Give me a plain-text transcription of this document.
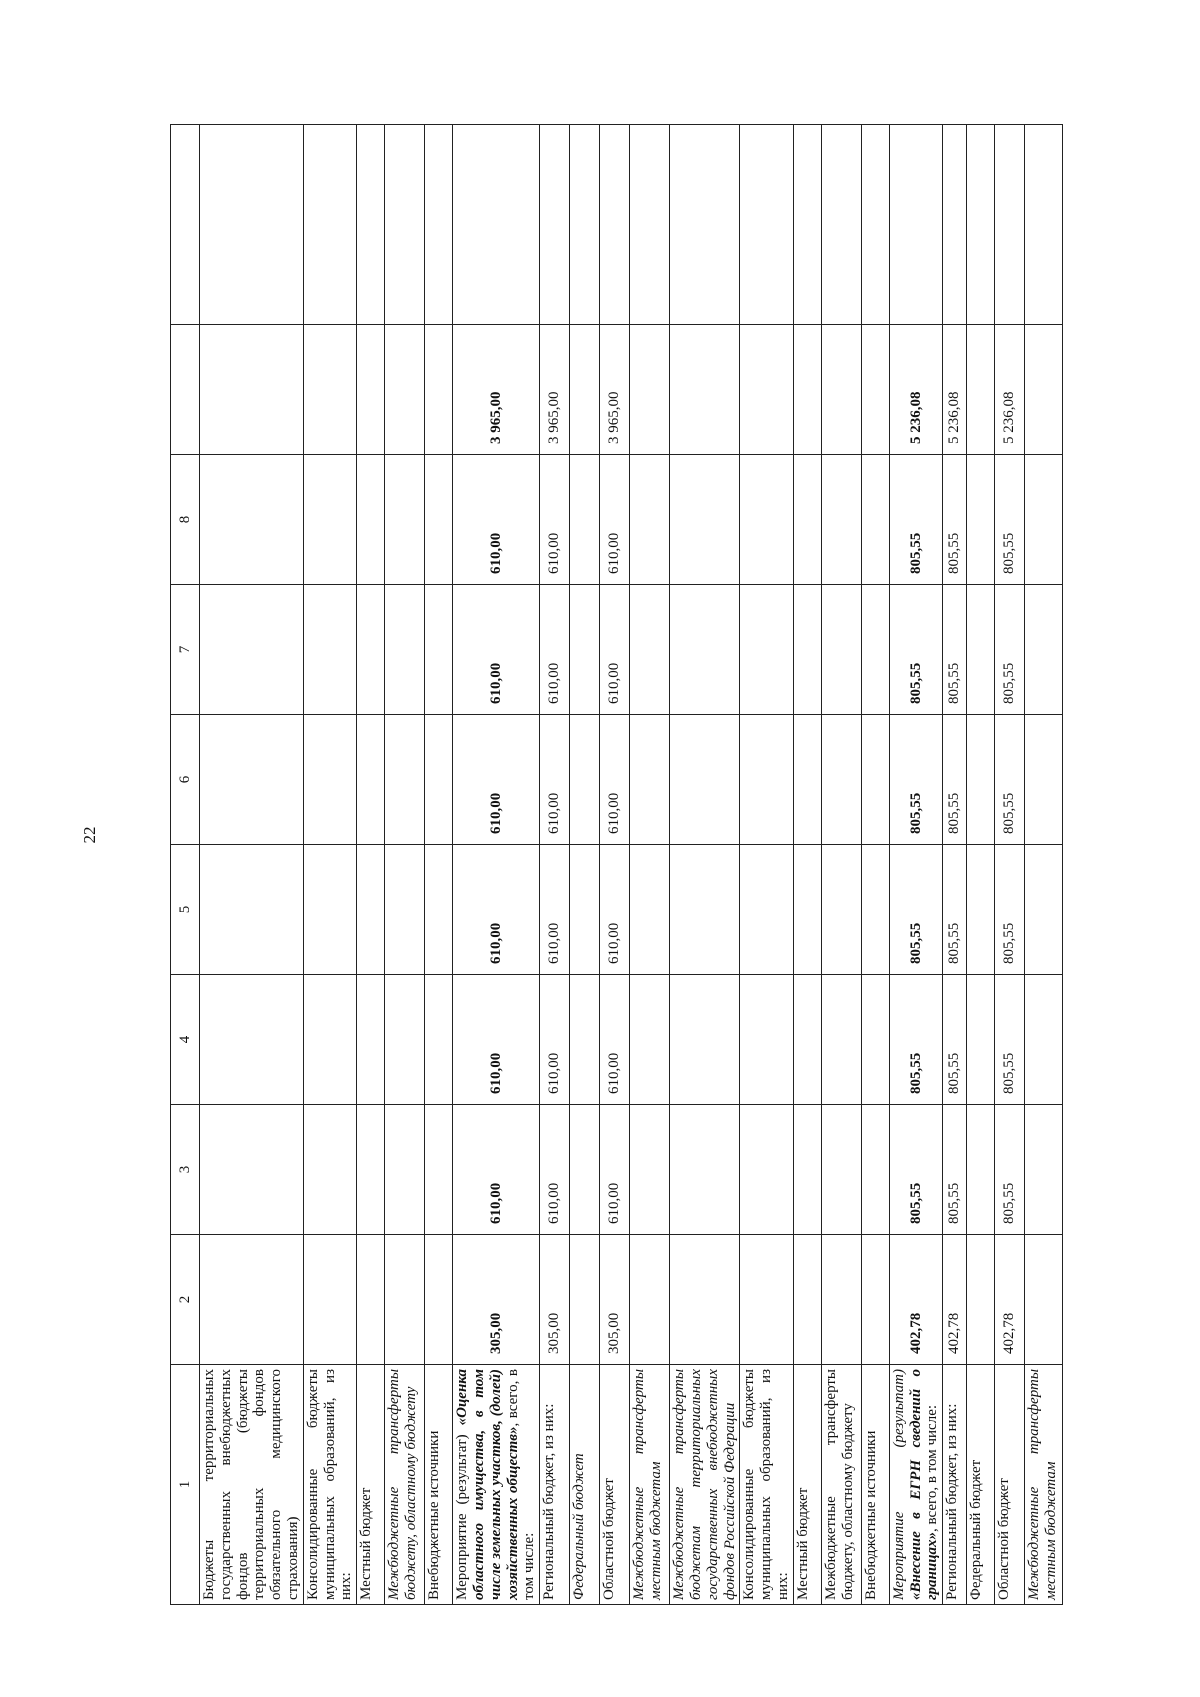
22
1	2	3	4	5	6	7	8		
Бюджеты территориальных государственных внебюджетных фондов (бюджеты территориальных фондов обязательного медицинского страхования)									
Консолидированные бюджеты муниципальных образований, из них:									
Местный бюджет									
Межбюджетные трансферты бюджету, областному бюджету									
Внебюджетные источники									
Мероприятие (результат) «Оценка областного имущества, в том числе земельных участков, (долей) хозяйственных обществ», всего, в том числе:	305,00	610,00	610,00	610,00	610,00	610,00	610,00	3 965,00	
Региональный бюджет, из них:	305,00	610,00	610,00	610,00	610,00	610,00	610,00	3 965,00	
Федеральный бюджет									
Областной бюджет	305,00	610,00	610,00	610,00	610,00	610,00	610,00	3 965,00	
Межбюджетные трансферты местным бюджетам									
Межбюджетные трансферты бюджетам территориальных государственных внебюджетных фондов Российской Федерации									
Консолидированные бюджеты муниципальных образований, из них:									
Местный бюджет									
Межбюджетные трансферты бюджету, областному бюджету									
Внебюджетные источники									
Мероприятие (результат) «Внесение в ЕГРН сведений о границах», всего, в том числе:	402,78	805,55	805,55	805,55	805,55	805,55	805,55	5 236,08	
Региональный бюджет, из них:	402,78	805,55	805,55	805,55	805,55	805,55	805,55	5 236,08	
Федеральный бюджет									
Областной бюджет	402,78	805,55	805,55	805,55	805,55	805,55	805,55	5 236,08	
Межбюджетные трансферты местным бюджетам									
